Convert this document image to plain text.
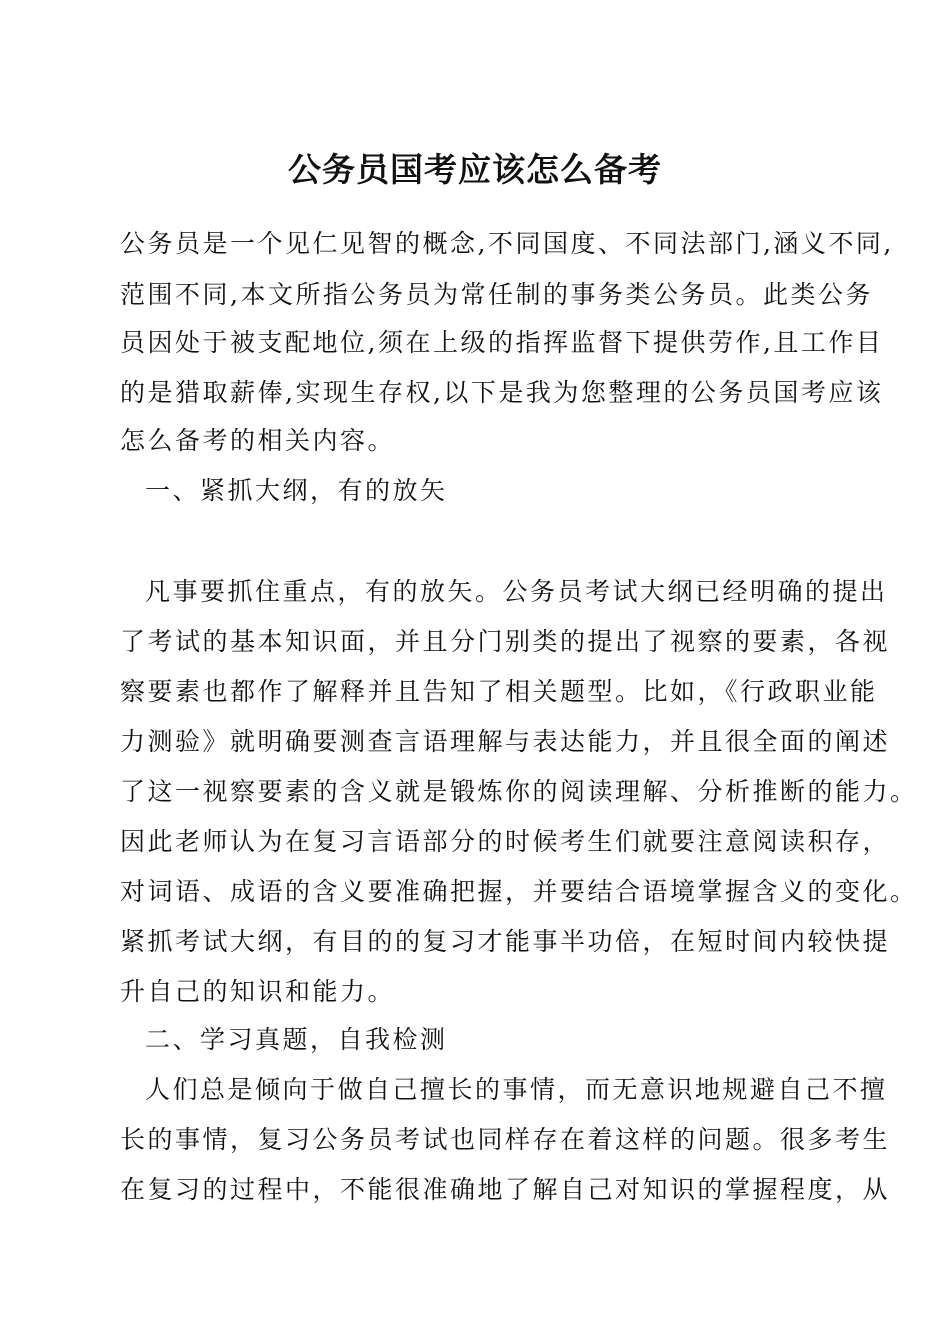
公务员国考应该怎么备考

公务员是一个见仁见智的概念,不同国度、不同法部门,涵义不同,

范围不同,本文所指公务员为常任制的事务类公务员。此类公务

员因处于被支配地位,须在上级的指挥监督下提供劳作,且工作目

的是猎取薪俸,实现生存权,以下是我为您整理的公务员国考应该

怎么备考的相关内容。

一、紧抓大纲，有的放矢

凡事要抓住重点，有的放矢。公务员考试大纲已经明确的提出

了考试的基本知识面，并且分门别类的提出了视察的要素，各视

察要素也都作了解释并且告知了相关题型。比如，《行政职业能

力测验》就明确要测查言语理解与表达能力，并且很全面的阐述

了这一视察要素的含义就是锻炼你的阅读理解、分析推断的能力。

因此老师认为在复习言语部分的时候考生们就要注意阅读积存，

对词语、成语的含义要准确把握，并要结合语境掌握含义的变化。

紧抓考试大纲，有目的的复习才能事半功倍，在短时间内较快提

升自己的知识和能力。

二、学习真题，自我检测

人们总是倾向于做自己擅长的事情，而无意识地规避自己不擅

长的事情，复习公务员考试也同样存在着这样的问题。很多考生

在复习的过程中，不能很准确地了解自己对知识的掌握程度，从
